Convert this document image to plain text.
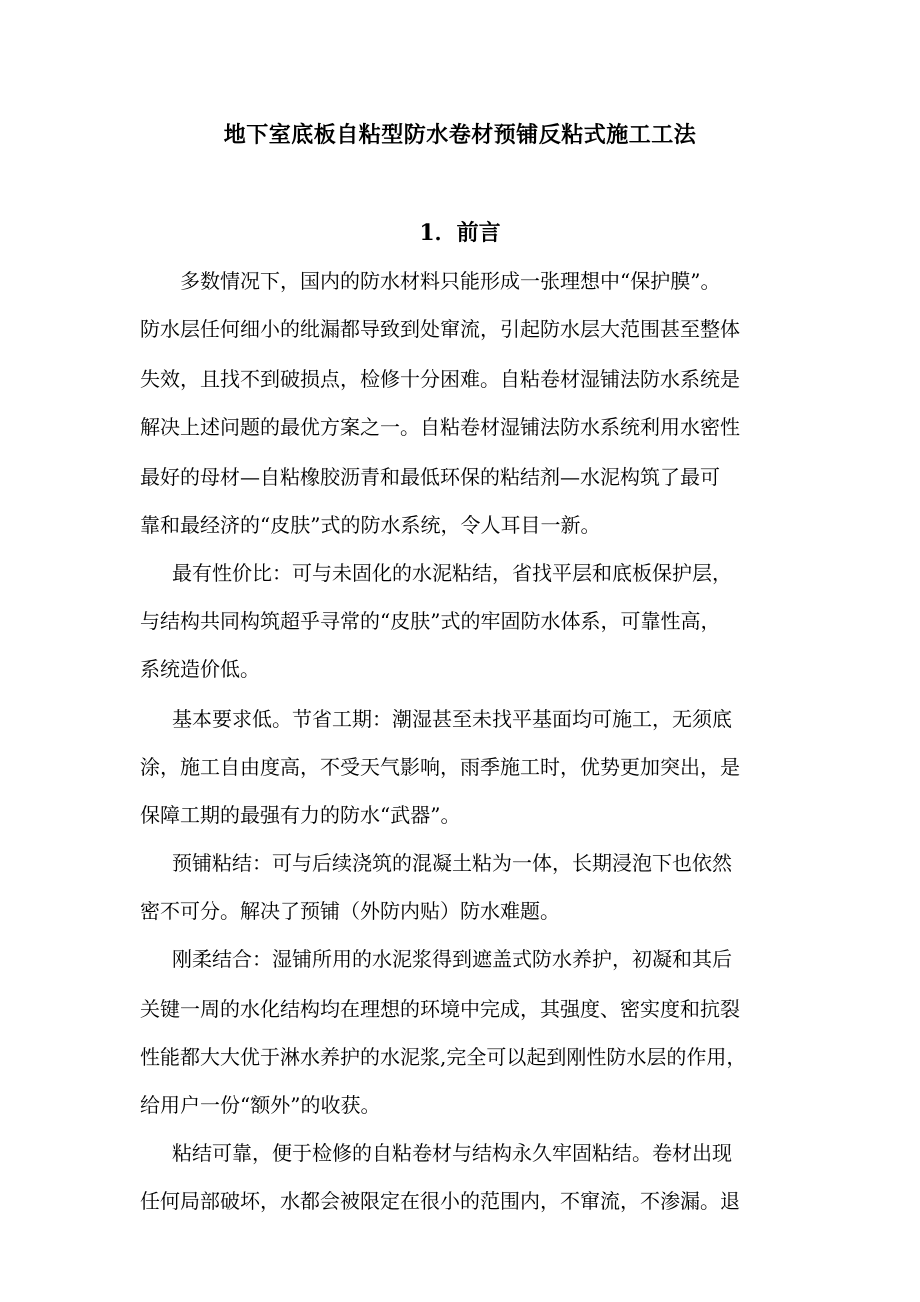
地下室底板自粘型防水卷材预铺反粘式施工工法
1．前言
多数情况下，国内的防水材料只能形成一张理想中“保护膜”。
防水层任何细小的纰漏都导致到处窜流，引起防水层大范围甚至整体
失效，且找不到破损点，检修十分困难。自粘卷材湿铺法防水系统是
解决上述问题的最优方案之一。自粘卷材湿铺法防水系统利用水密性
最好的母材—自粘橡胶沥青和最低环保的粘结剂—水泥构筑了最可
靠和最经济的“皮肤”式的防水系统，令人耳目一新。
最有性价比：可与未固化的水泥粘结，省找平层和底板保护层，
与结构共同构筑超乎寻常的“皮肤”式的牢固防水体系，可靠性高，
系统造价低。
基本要求低。节省工期：潮湿甚至未找平基面均可施工，无须底
涂，施工自由度高，不受天气影响，雨季施工时，优势更加突出，是
保障工期的最强有力的防水“武器”。
预铺粘结：可与后续浇筑的混凝土粘为一体，长期浸泡下也依然
密不可分。解决了预铺（外防内贴）防水难题。
刚柔结合：湿铺所用的水泥浆得到遮盖式防水养护，初凝和其后
关键一周的水化结构均在理想的环境中完成，其强度、密实度和抗裂
性能都大大优于淋水养护的水泥浆,完全可以起到刚性防水层的作用，
给用户一份“额外”的收获。
粘结可靠，便于检修的自粘卷材与结构永久牢固粘结。卷材出现
任何局部破坏，水都会被限定在很小的范围内，不窜流，不渗漏。退
